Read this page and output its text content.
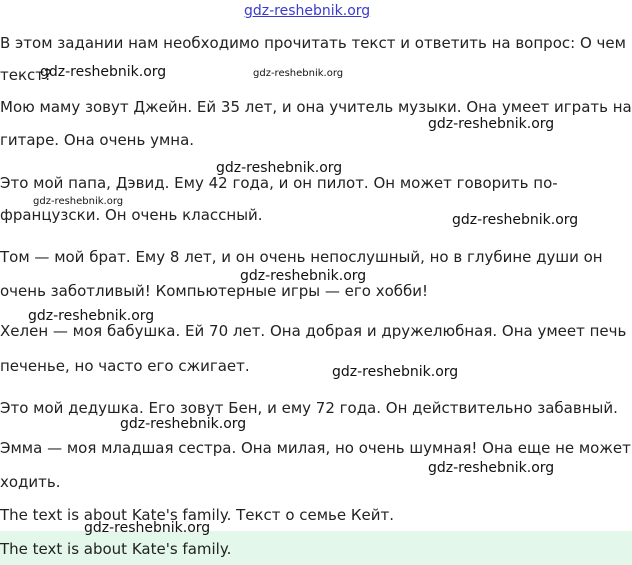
В этом задании нам необходимо прочитать текст и ответить на вопрос: О чем

текст?

Мою маму зовут Джейн. Ей 35 лет, и она учитель музыки. Она умеет играть на

гитаре. Она очень умна.

Это мой папа, Дэвид. Ему 42 года, и он пилот. Он может говорить по-

французски. Он очень классный.

Том — мой брат. Ему 8 лет, и он очень непослушный, но в глубине души он

очень заботливый! Компьютерные игры — его хобби!

Хелен — моя бабушка. Ей 70 лет. Она добрая и дружелюбная. Она умеет печь

печенье, но часто его сжигает.

Это мой дедушка. Его зовут Бен, и ему 72 года. Он действительно забавный.

Эмма — моя младшая сестра. Она милая, но очень шумная! Она еще не может

ходить.

The text is about Kate's family. Текст о семье Кейт.

The text is about Kate's family.
gdz-reshebnik.org
gdz-reshebnik.org	gdz-reshebnik.org
gdz-reshebnik.org
gdz-reshebnik.org
gdz-reshebnik.org
gdz-reshebnik.org
gdz-reshebnik.org
gdz-reshebnik.org
gdz-reshebnik.org
gdz-reshebnik.org
gdz-reshebnik.org
gdz-reshebnik.org
